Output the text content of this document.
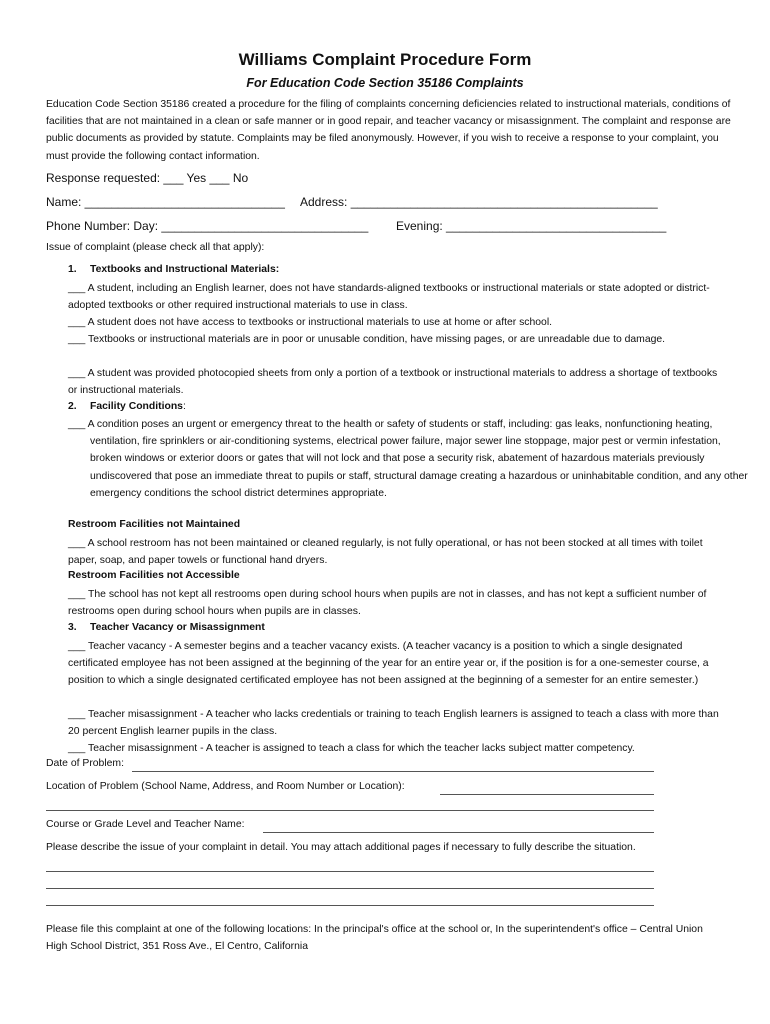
Williams Complaint Procedure Form
For Education Code Section 35186 Complaints
Education Code Section 35186 created a procedure for the filing of complaints concerning deficiencies related to instructional materials, conditions of facilities that are not maintained in a clean or safe manner or in good repair, and teacher vacancy or misassignment. The complaint and response are public documents as provided by statute. Complaints may be filed anonymously. However, if you wish to receive a response to your complaint, you must provide the following contact information.
Response requested: ___ Yes ___ No
Name: ______________________________ Address: ______________________________________________
Phone Number: Day: _______________________________ Evening: _________________________________
Issue of complaint (please check all that apply):
1. Textbooks and Instructional Materials:
___ A student, including an English learner, does not have standards-aligned textbooks or instructional materials or state adopted or district-adopted textbooks or other required instructional materials to use in class.
___ A student does not have access to textbooks or instructional materials to use at home or after school.
___ Textbooks or instructional materials are in poor or unusable condition, have missing pages, or are unreadable due to damage.
___ A student was provided photocopied sheets from only a portion of a textbook or instructional materials to address a shortage of textbooks or instructional materials.
2. Facility Conditions:
___ A condition poses an urgent or emergency threat to the health or safety of students or staff, including: gas leaks, nonfunctioning heating, ventilation, fire sprinklers or air-conditioning systems, electrical power failure, major sewer line stoppage, major pest or vermin infestation, broken windows or exterior doors or gates that will not lock and that pose a security risk, abatement of hazardous materials previously undiscovered that pose an immediate threat to pupils or staff, structural damage creating a hazardous or uninhabitable condition, and any other emergency conditions the school district determines appropriate.
Restroom Facilities not Maintained
___ A school restroom has not been maintained or cleaned regularly, is not fully operational, or has not been stocked at all times with toilet paper, soap, and paper towels or functional hand dryers.
Restroom Facilities not Accessible
___ The school has not kept all restrooms open during school hours when pupils are not in classes, and has not kept a sufficient number of restrooms open during school hours when pupils are in classes.
3. Teacher Vacancy or Misassignment
___ Teacher vacancy - A semester begins and a teacher vacancy exists. (A teacher vacancy is a position to which a single designated certificated employee has not been assigned at the beginning of the year for an entire year or, if the position is for a one-semester course, a position to which a single designated certificated employee has not been assigned at the beginning of a semester for an entire semester.)
___ Teacher misassignment - A teacher who lacks credentials or training to teach English learners is assigned to teach a class with more than 20 percent English learner pupils in the class.
___ Teacher misassignment - A teacher is assigned to teach a class for which the teacher lacks subject matter competency.
Date of Problem:
Location of Problem (School Name, Address, and Room Number or Location):
Course or Grade Level and Teacher Name:
Please describe the issue of your complaint in detail. You may attach additional pages if necessary to fully describe the situation.
Please file this complaint at one of the following locations: In the principal's office at the school or, In the superintendent's office – Central Union High School District, 351 Ross Ave., El Centro, California
